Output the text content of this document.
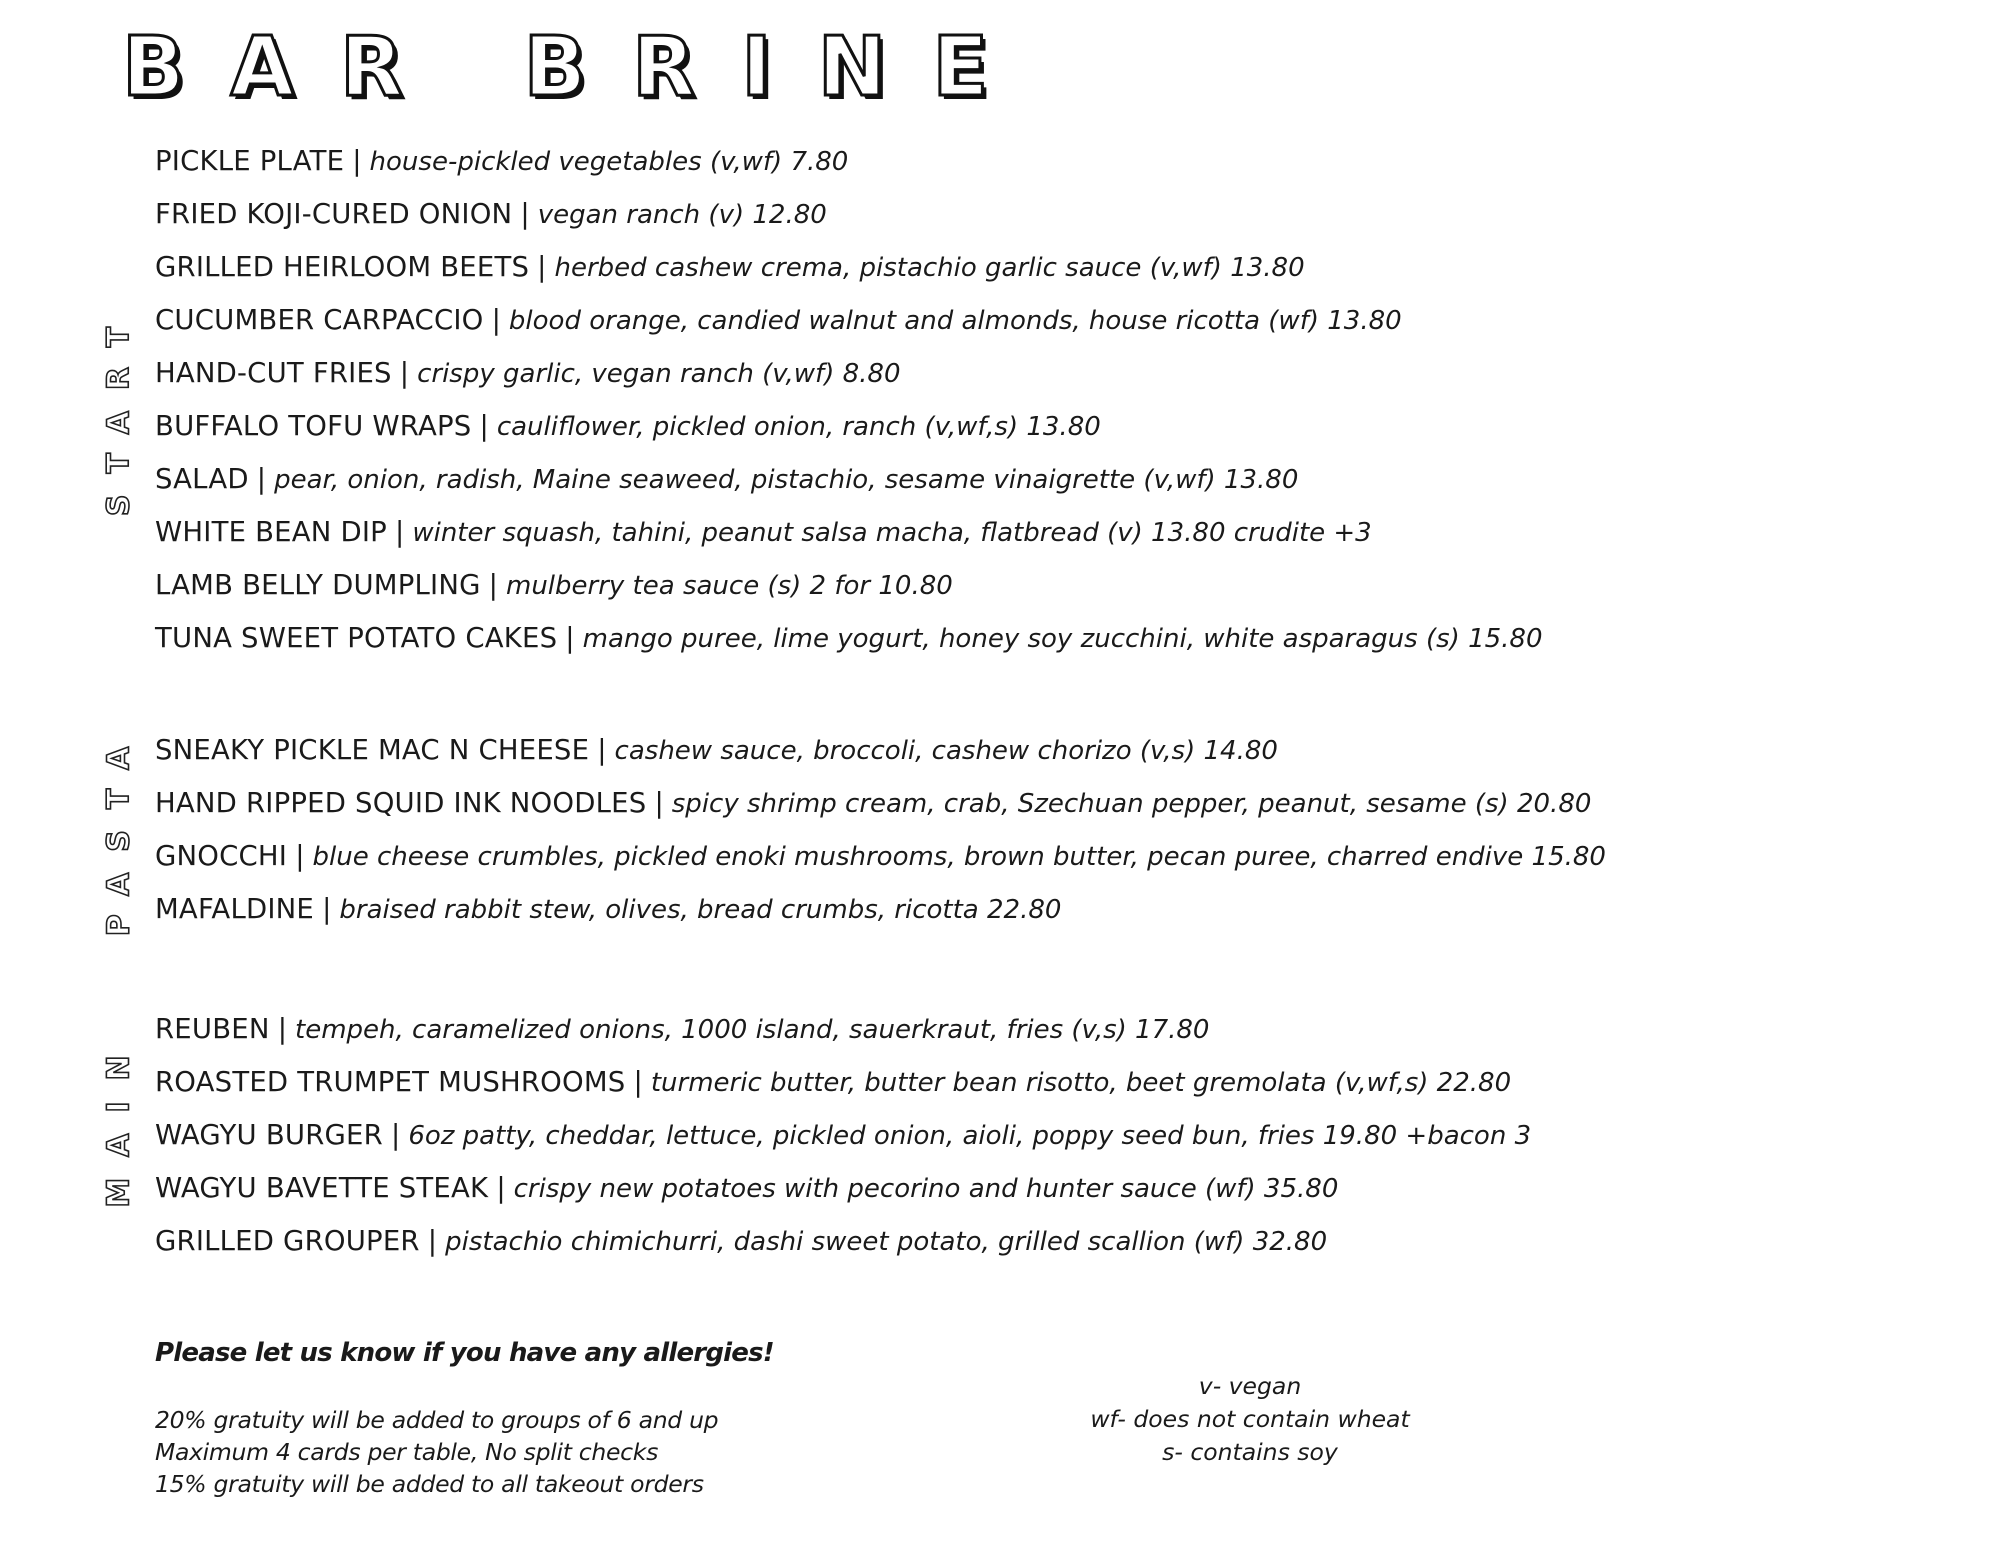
BAR BRINE
START
PICKLE PLATE | house-pickled vegetables (v,wf) 7.80
FRIED KOJI-CURED ONION | vegan ranch (v) 12.80
GRILLED HEIRLOOM BEETS | herbed cashew crema, pistachio garlic sauce (v,wf) 13.80
CUCUMBER CARPACCIO | blood orange, candied walnut and almonds, house ricotta (wf) 13.80
HAND-CUT FRIES | crispy garlic, vegan ranch (v,wf) 8.80
BUFFALO TOFU WRAPS | cauliflower, pickled onion, ranch (v,wf,s) 13.80
SALAD | pear, onion, radish, Maine seaweed, pistachio, sesame vinaigrette (v,wf) 13.80
WHITE BEAN DIP | winter squash, tahini, peanut salsa macha, flatbread (v) 13.80 crudite +3
LAMB BELLY DUMPLING | mulberry tea sauce (s) 2 for 10.80
TUNA SWEET POTATO CAKES | mango puree, lime yogurt, honey soy zucchini, white asparagus (s) 15.80
PASTA SNEAKY PICKLE MAC N CHEESE | cashew sauce, broccoli, cashew chorizo (v,s) 14.80
HAND RIPPED SQUID INK NOODLES | spicy shrimp cream, crab, Szechuan pepper, peanut, sesame (s) 20.80
GNOCCHI | blue cheese crumbles, pickled enoki mushrooms, brown butter, pecan puree, charred endive 15.80
MAFALDINE | braised rabbit stew, olives, bread crumbs, ricotta 22.80
MAIN
REUBEN | tempeh, caramelized onions, 1000 island, sauerkraut, fries (v,s) 17.80
ROASTED TRUMPET MUSHROOMS | turmeric butter, butter bean risotto, beet gremolata (v,wf,s) 22.80
WAGYU BURGER | 6oz patty, cheddar, lettuce, pickled onion, aioli, poppy seed bun, fries 19.80 +bacon 3
WAGYU BAVETTE STEAK | crispy new potatoes with pecorino and hunter sauce (wf) 35.80
GRILLED GROUPER | pistachio chimichurri, dashi sweet potato, grilled scallion (wf) 32.80
Please let us know if you have any allergies!
20% gratuity will be added to groups of 6 and up
Maximum 4 cards per table, No split checks
15% gratuity will be added to all takeout orders
v- vegan
wf- does not contain wheat
s- contains soy
